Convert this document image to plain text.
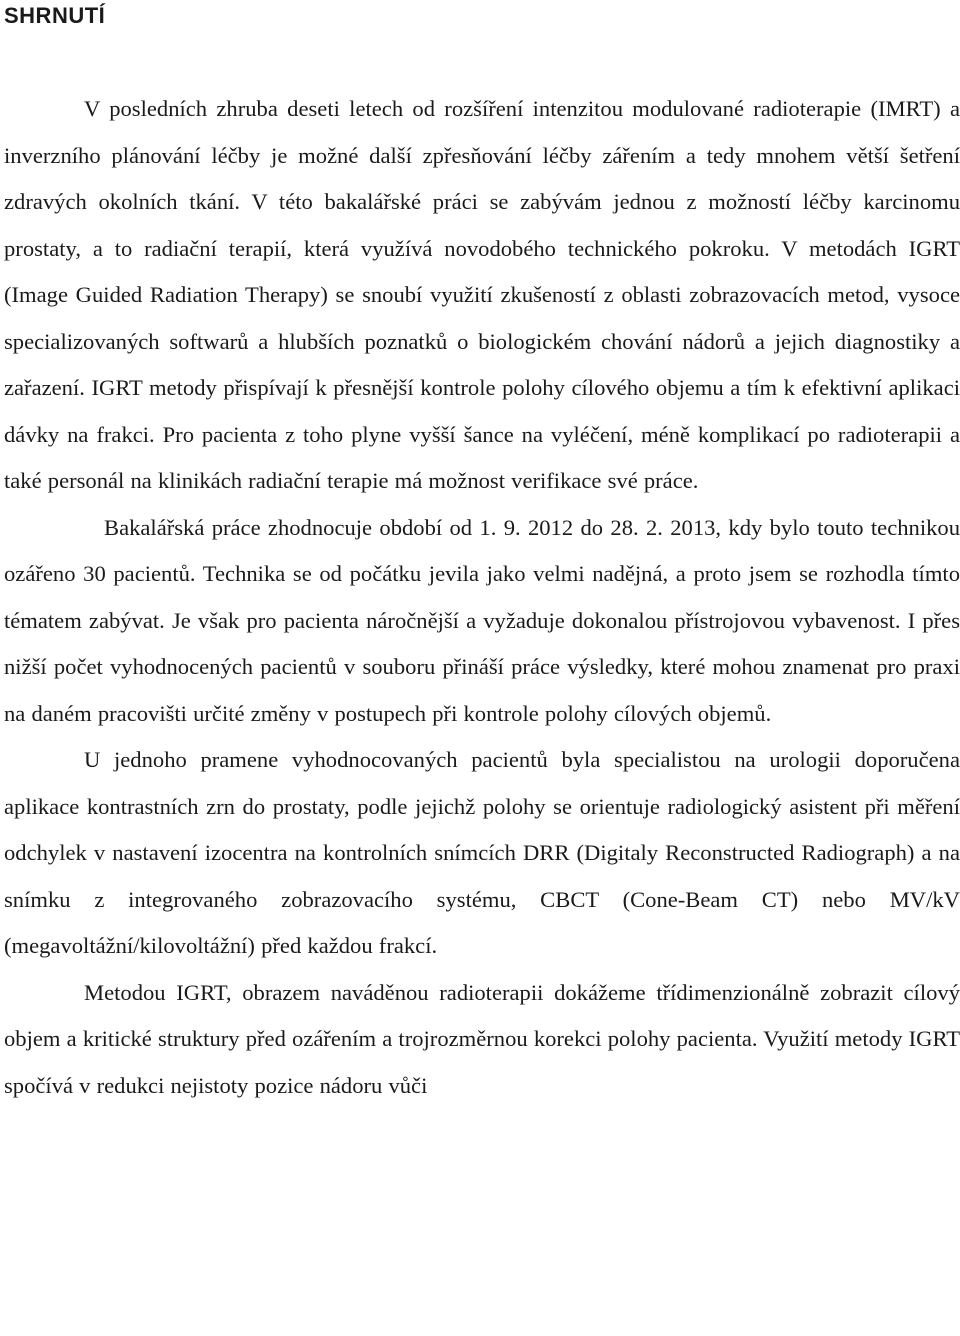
SHRNUTÍ

V posledních zhruba deseti letech od rozšíření intenzitou modulované radioterapie (IMRT) a inverzního plánování léčby je možné další zpřesňování léčby zářením a tedy mnohem větší šetření zdravých okolních tkání. V této bakalářské práci se zabývám jednou z možností léčby karcinomu prostaty, a to radiační terapií, která využívá novodobého technického pokroku. V metodách IGRT (Image Guided Radiation Therapy) se snoubí využití zkušeností z oblasti zobrazovacích metod, vysoce specializovaných softwarů a hlubších poznatků o biologickém chování nádorů a jejich diagnostiky a zařazení. IGRT metody přispívají k přesnější kontrole polohy cílového objemu a tím k efektivní aplikaci dávky na frakci. Pro pacienta z toho plyne vyšší šance na vyléčení, méně komplikací po radioterapii a také personál na klinikách radiační terapie má možnost verifikace své práce.

Bakalářská práce zhodnocuje období od 1. 9. 2012 do 28. 2. 2013, kdy bylo touto technikou ozářeno 30 pacientů. Technika se od počátku jevila jako velmi nadějná, a proto jsem se rozhodla tímto tématem zabývat. Je však pro pacienta náročnější a vyžaduje dokonalou přístrojovou vybavenost. I přes nižší počet vyhodnocených pacientů v souboru přináší práce výsledky, které mohou znamenat pro praxi na daném pracovišti určité změny v postupech při kontrole polohy cílových objemů.

U jednoho pramene vyhodnocovaných pacientů byla specialistou na urologii doporučena aplikace kontrastních zrn do prostaty, podle jejichž polohy se orientuje radiologický asistent při měření odchylek v nastavení izocentra na kontrolních snímcích DRR (Digitaly Reconstructed Radiograph) a na snímku z integrovaného zobrazovacího systému, CBCT (Cone-Beam CT) nebo MV/kV (megavoltážní/kilovoltážní) před každou frakcí.

Metodou IGRT, obrazem naváděnou radioterapii dokážeme třídimenzionálně zobrazit cílový objem a kritické struktury před ozářením a trojrozměrnou korekci polohy pacienta. Využití metody IGRT spočívá v redukci nejistoty pozice nádoru vůči
